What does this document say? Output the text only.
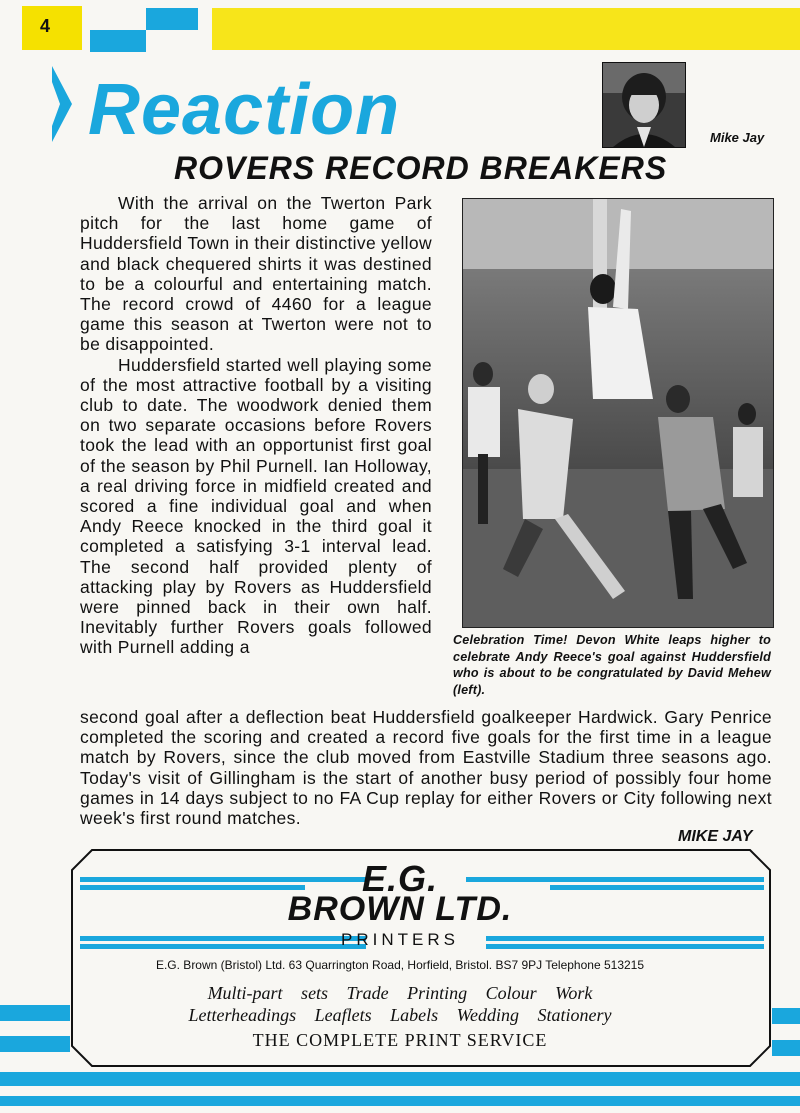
4
Reaction	Mike Jay
ROVERS RECORD BREAKERS

With the arrival on the Twerton Park pitch for the last home game of Huddersfield Town in their distinctive yellow and black chequered shirts it was destined to be a colourful and entertaining match. The record crowd of 4460 for a league game this season at Twerton were not to be disappointed.

Huddersfield started well playing some of the most attractive football by a visiting club to date. The woodwork denied them on two separate occasions before Rovers took the lead with an opportunist first goal of the season by Phil Purnell. Ian Holloway, a real driving force in midfield created and scored a fine individual goal and when Andy Reece knocked in the third goal it completed a satisfying 3-1 interval lead. The second half provided plenty of attacking play by Rovers as Huddersfield were pinned back in their own half. Inevitably further Rovers goals followed with Purnell adding a

second goal after a deflection beat Huddersfield goalkeeper Hardwick. Gary Penrice completed the scoring and created a record five goals for the first time in a league match by Rovers, since the club moved from Eastville Stadium three seasons ago. Today's visit of Gillingham is the start of another busy period of possibly four home games in 14 days subject to no FA Cup replay for either Rovers or City following next week's first round matches.

MIKE JAY
Celebration Time! Devon White leaps higher to celebrate Andy Reece's goal against Huddersfield who is about to be congratulated by David Mehew (left).
E.G.
BROWN LTD.
PRINTERS
E.G. Brown (Bristol) Ltd. 63 Quarrington Road, Horfield, Bristol. BS7 9PJ Telephone 513215
Multi-part sets Trade Printing Colour Work
Letterheadings Leaflets Labels Wedding Stationery
THE COMPLETE PRINT SERVICE
